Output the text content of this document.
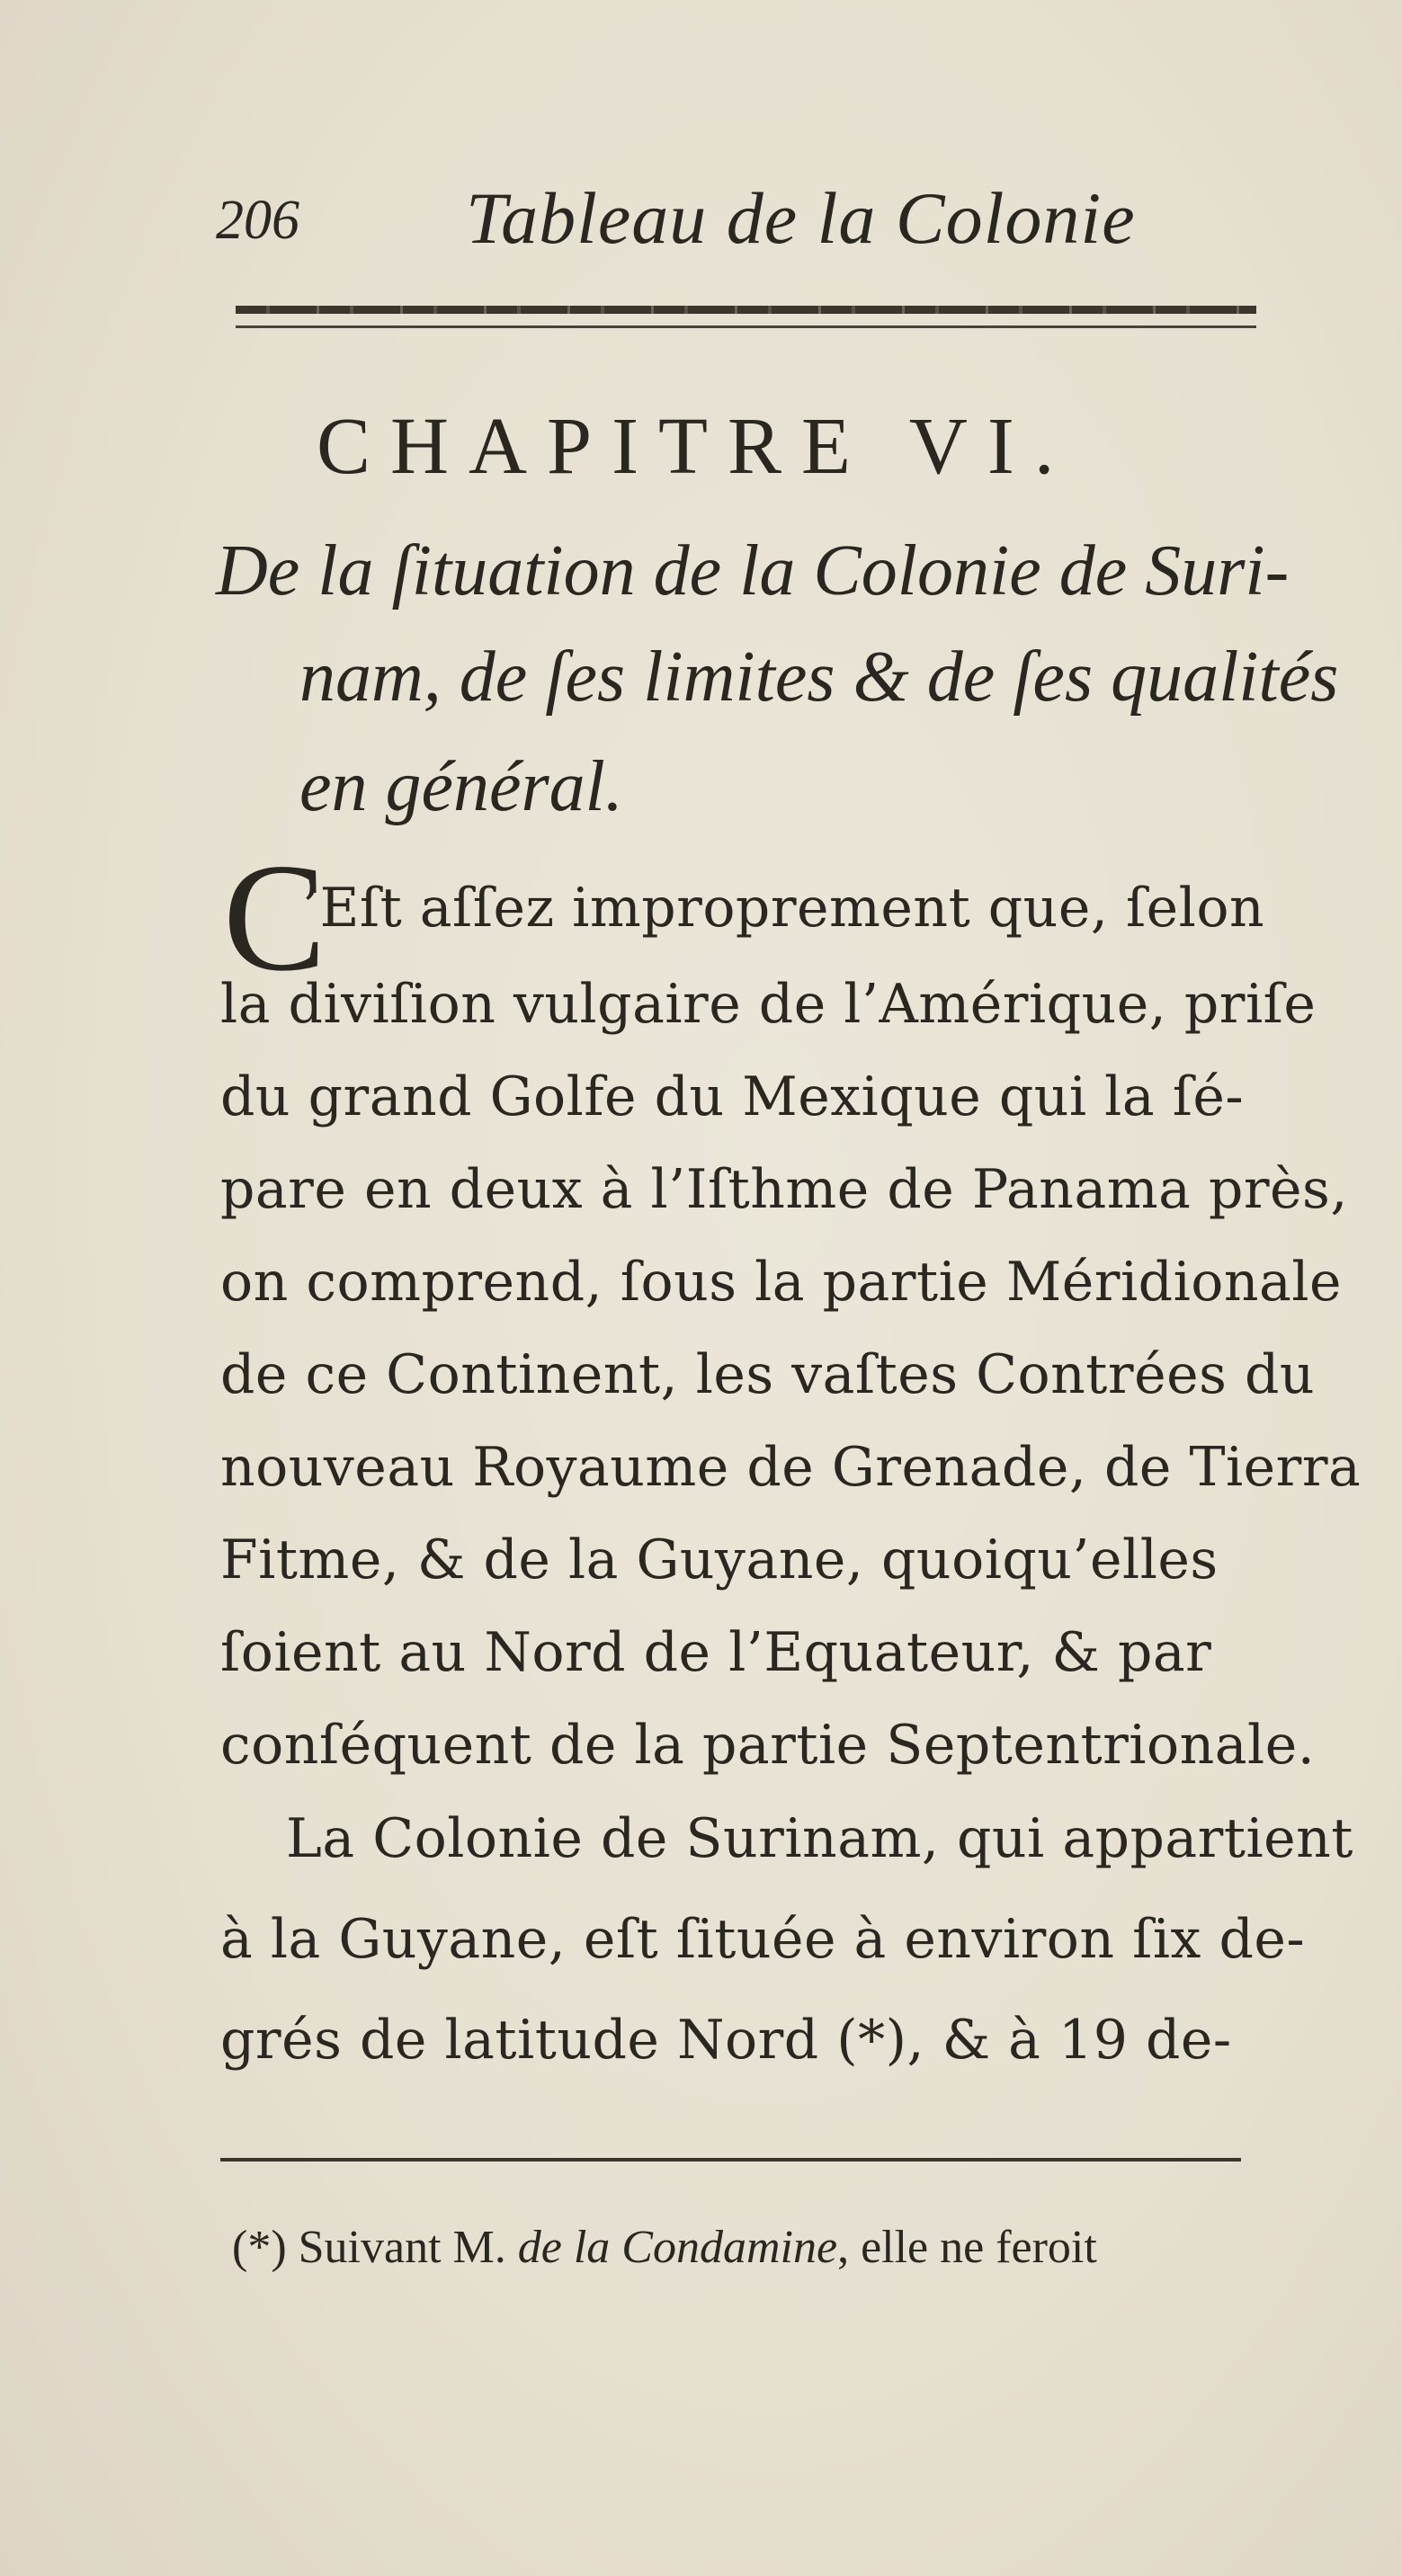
206 Tableau de la Colonie
CHAPITRE VI.
De la ſituation de la Colonie de Suri-
nam, de ſes limites & de ſes qualités
en général.
C
’Eſt aſſez improprement que, ſelon
la diviſion vulgaire de l’Amérique, priſe
du grand Golfe du Mexique qui la ſé-
pare en deux à l’Iſthme de Panama près,
on comprend, ſous la partie Méridionale
de ce Continent, les vaſtes Contrées du
nouveau Royaume de Grenade, de Tierra
Fitme, & de la Guyane, quoiqu’elles
ſoient au Nord de l’Equateur, & par
conſéquent de la partie Septentrionale.
La Colonie de Surinam, qui appartient
à la Guyane, eſt ſituée à environ ſix de-
grés de latitude Nord (*), & à 19 de-
(*) Suivant M. de la Condamine, elle ne feroit
